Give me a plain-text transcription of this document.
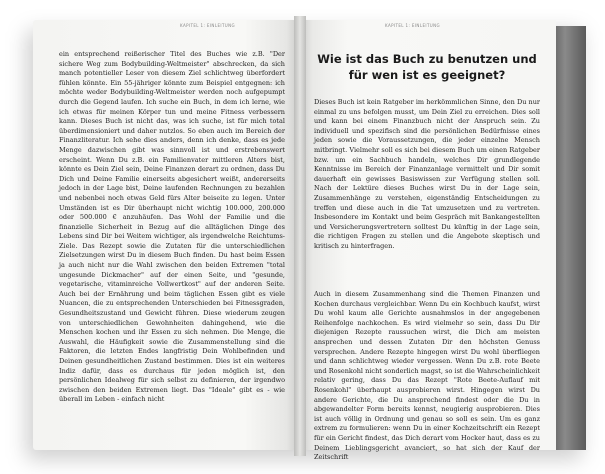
ein entsprechend reißerischer Titel des Buches wie z.B. "Der sichere Weg zum Bodybuilding-Weltmeister" abschrecken, da sich manch potentieller Leser von diesem Ziel schlichtweg überfordert fühlen könnte. Ein 55-jähriger könnte zum Beispiel entgegnen: ich möchte weder Bodybuilding-Weltmeister werden noch aufgepumpt durch die Gegend laufen. Ich suche ein Buch, in dem ich lerne, wie ich etwas für meinen Körper tun und meine Fitness verbessern kann. Dieses Buch ist nicht das, was ich suche, ist für mich total überdimensioniert und daher nutzlos. So eben auch im Bereich der Finanzliteratur. Ich sehe dies anders, denn ich denke, dass es jede Menge dazwischen gibt was sinnvoll ist und erstrebenswert erscheint. Wenn Du z.B. ein Familienvater mittleren Alters bist, könnte es Dein Ziel sein, Deine Finanzen derart zu ordnen, dass Du Dich und Deine Familie einerseits abgesichert weißt, andererseits jedoch in der Lage bist, Deine laufenden Rechnungen zu bezahlen und nebenbei noch etwas Geld fürs Alter beiseite zu legen. Unter Umständen ist es Dir überhaupt nicht wichtig 100.000, 200.000 oder 500.000 € anzuhäufen. Das Wohl der Familie und die finanzielle Sicherheit in Bezug auf die alltäglichen Dinge des Lebens sind Dir bei Weitem wichtiger, als irgendwelche Reichtums-Ziele. Das Rezept sowie die Zutaten für die unterschiedlichen Zielsetzungen wirst Du in diesem Buch finden. Du hast beim Essen ja auch nicht nur die Wahl zwischen den beiden Extremen "total ungesunde Dickmacher" auf der einen Seite, und "gesunde, vegetarische, vitaminreiche Vollwertkost" auf der anderen Seite. Auch bei der Ernährung und beim täglichen Essen gibt es viele Nuancen, die zu entsprechenden Unterschieden bei Fitnessgraden, Gesundheitszustand und Gewicht führen. Diese wiederum zeugen von unterschiedlichen Gewohnheiten dahingehend, wie die Menschen kochen und ihr Essen zu sich nehmen. Die Menge, die Auswahl, die Häufigkeit sowie die Zusammenstellung sind die Faktoren, die letzten Endes langfristig Dein Wohlbefinden und Deinen gesundheitlichen Zustand bestimmen. Dies ist ein weiteres Indiz dafür, dass es durchaus für jeden möglich ist, den persönlichen Idealweg für sich selbst zu definieren, der irgendwo zwischen den beiden Extremen liegt. Das "Ideale" gibt es - wie überall im Leben - einfach nicht

Wie ist das Buch zu benutzen und für wen ist es geeignet?

Dieses Buch ist kein Ratgeber im herkömmlichen Sinne, den Du nur einmal zu uns befolgen musst, um Dein Ziel zu erreichen. Dies soll und kann bei einem Finanzbuch nicht der Anspruch sein. Zu individuell und spezifisch sind die persönlichen Bedürfnisse eines jeden sowie die Voraussetzungen, die jeder einzelne Mensch mitbringt. Vielmehr soll es sich bei diesem Buch um einen Ratgeber bzw. um ein Sachbuch handeln, welches Dir grundlegende Kenntnisse im Bereich der Finanzanlage vermittelt und Dir somit dauerhaft ein gewisses Basiswissen zur Verfügung stellen soll. Nach der Lektüre dieses Buches wirst Du in der Lage sein, Zusammenhänge zu verstehen, eigenständig Entscheidungen zu treffen und diese auch in die Tat umzusetzen und zu vertreten. Insbesondere im Kontakt und beim Gespräch mit Bankangestellten und Versicherungsvertretern solltest Du künftig in der Lage sein, die richtigen Fragen zu stellen und die Angebote skeptisch und kritisch zu hinterfragen.

Auch in diesem Zusammenhang sind die Themen Finanzen und Kochen durchaus vergleichbar. Wenn Du ein Kochbuch kaufst, wirst Du wohl kaum alle Gerichte ausnahmslos in der angegebenen Reihenfolge nachkochen. Es wird vielmehr so sein, dass Du Dir diejenigen Rezepte raussuchen wirst, die Dich am meisten ansprechen und dessen Zutaten Dir den höchsten Genuss versprechen. Andere Rezepte hingegen wirst Du wohl überfliegen und dann schlichtweg wieder vergessen. Wenn Du z.B. rote Beete und Rosenkohl nicht sonderlich magst, so ist die Wahrscheinlichkeit relativ gering, dass Du das Rezept "Rote Beete-Auflauf mit Rosenkohl" überhaupt ausprobieren wirst. Hingegen wirst Du andere Gerichte, die Du ansprechend findest oder die Du in abgewandelter Form bereits kennst, neugierig ausprobieren. Dies ist auch völlig in Ordnung und genau so soll es sein. Um es ganz extrem zu formulieren: wenn Du in einer Kochzeitschrift ein Rezept für ein Gericht findest, das Dich derart vom Hocker haut, dass es zu Deinem Lieblingsgericht avanciert, so hat sich der Kauf der Zeitschrift

KAPITEL 1: EINLEITUNG	KAPITEL 1: EINLEITUNG
